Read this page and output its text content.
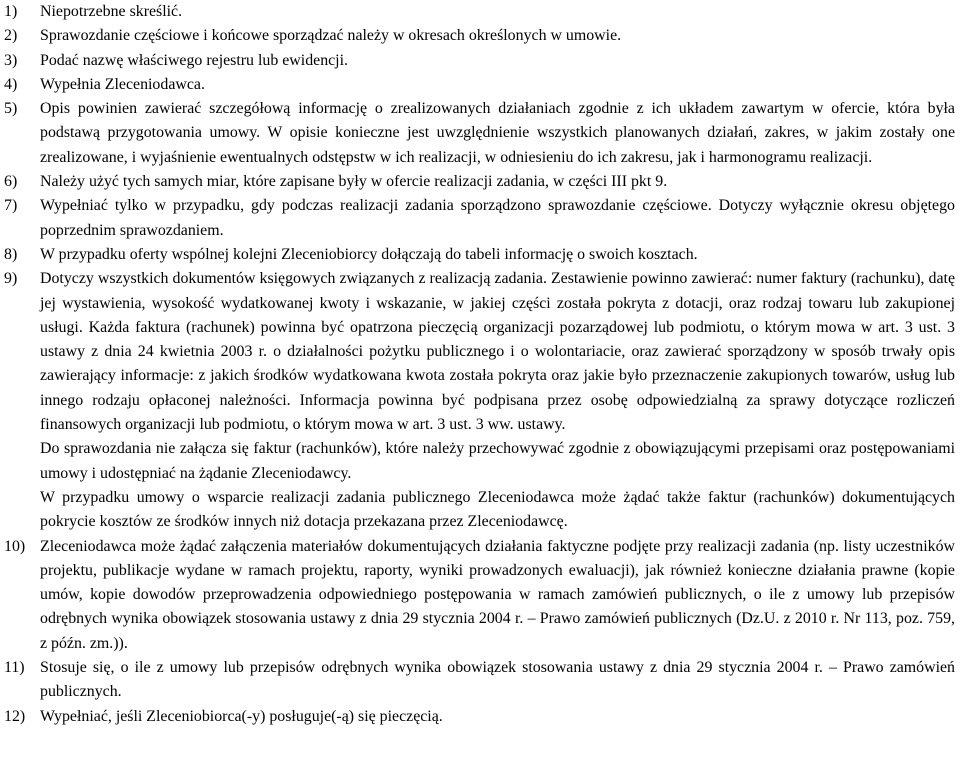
1)	Niepotrzebne skreślić.

2)	Sprawozdanie częściowe i końcowe sporządzać należy w okresach określonych w umowie.

3)	Podać nazwę właściwego rejestru lub ewidencji.

4)	Wypełnia Zleceniodawca.

5)	Opis powinien zawierać szczegółową informację o zrealizowanych działaniach zgodnie z ich układem zawartym w ofercie, która była podstawą przygotowania umowy. W opisie konieczne jest uwzględnienie wszystkich planowanych działań, zakres, w jakim zostały one zrealizowane, i wyjaśnienie ewentualnych odstępstw w ich realizacji, w odniesieniu do ich zakresu, jak i harmonogramu realizacji.

6)	Należy użyć tych samych miar, które zapisane były w ofercie realizacji zadania, w części III pkt 9.

7)	Wypełniać tylko w przypadku, gdy podczas realizacji zadania sporządzono sprawozdanie częściowe. Dotyczy wyłącznie okresu objętego poprzednim sprawozdaniem.

8)	W przypadku oferty wspólnej kolejni Zleceniobiorcy dołączają do tabeli informację o swoich kosztach.

9)	Dotyczy wszystkich dokumentów księgowych związanych z realizacją zadania. Zestawienie powinno zawierać: numer faktury (rachunku), datę jej wystawienia, wysokość wydatkowanej kwoty i wskazanie, w jakiej części została pokryta z dotacji, oraz rodzaj towaru lub zakupionej usługi. Każda faktura (rachunek) powinna być opatrzona pieczęcią organizacji pozarządowej lub podmiotu, o którym mowa w art. 3 ust. 3 ustawy z dnia 24 kwietnia 2003 r. o działalności pożytku publicznego i o wolontariacie, oraz zawierać sporządzony w sposób trwały opis zawierający informacje: z jakich środków wydatkowana kwota została pokryta oraz jakie było przeznaczenie zakupionych towarów, usług lub innego rodzaju opłaconej należności. Informacja powinna być podpisana przez osobę odpowiedzialną za sprawy dotyczące rozliczeń finansowych organizacji lub podmiotu, o którym mowa w art. 3 ust. 3 ww. ustawy.

Do sprawozdania nie załącza się faktur (rachunków), które należy przechowywać zgodnie z obowiązującymi przepisami oraz postępowaniami umowy i udostępniać na żądanie Zleceniodawcy.

W przypadku umowy o wsparcie realizacji zadania publicznego Zleceniodawca może żądać także faktur (rachunków) dokumentujących pokrycie kosztów ze środków innych niż dotacja przekazana przez Zleceniodawcę.

10) Zleceniodawca może żądać załączenia materiałów dokumentujących działania faktyczne podjęte przy realizacji zadania (np. listy uczestników projektu, publikacje wydane w ramach projektu, raporty, wyniki prowadzonych ewaluacji), jak również konieczne działania prawne (kopie umów, kopie dowodów przeprowadzenia odpowiedniego postępowania w ramach zamówień publicznych, o ile z umowy lub przepisów odrębnych wynika obowiązek stosowania ustawy z dnia 29 stycznia 2004 r. – Prawo zamówień publicznych (Dz.U. z 2010 r. Nr 113, poz. 759, z późn. zm.)).

11) Stosuje się, o ile z umowy lub przepisów odrębnych wynika obowiązek stosowania ustawy z dnia 29 stycznia 2004 r. – Prawo zamówień publicznych.

12) Wypełniać, jeśli Zleceniobiorca(-y) posługuje(-ą) się pieczęcią.
